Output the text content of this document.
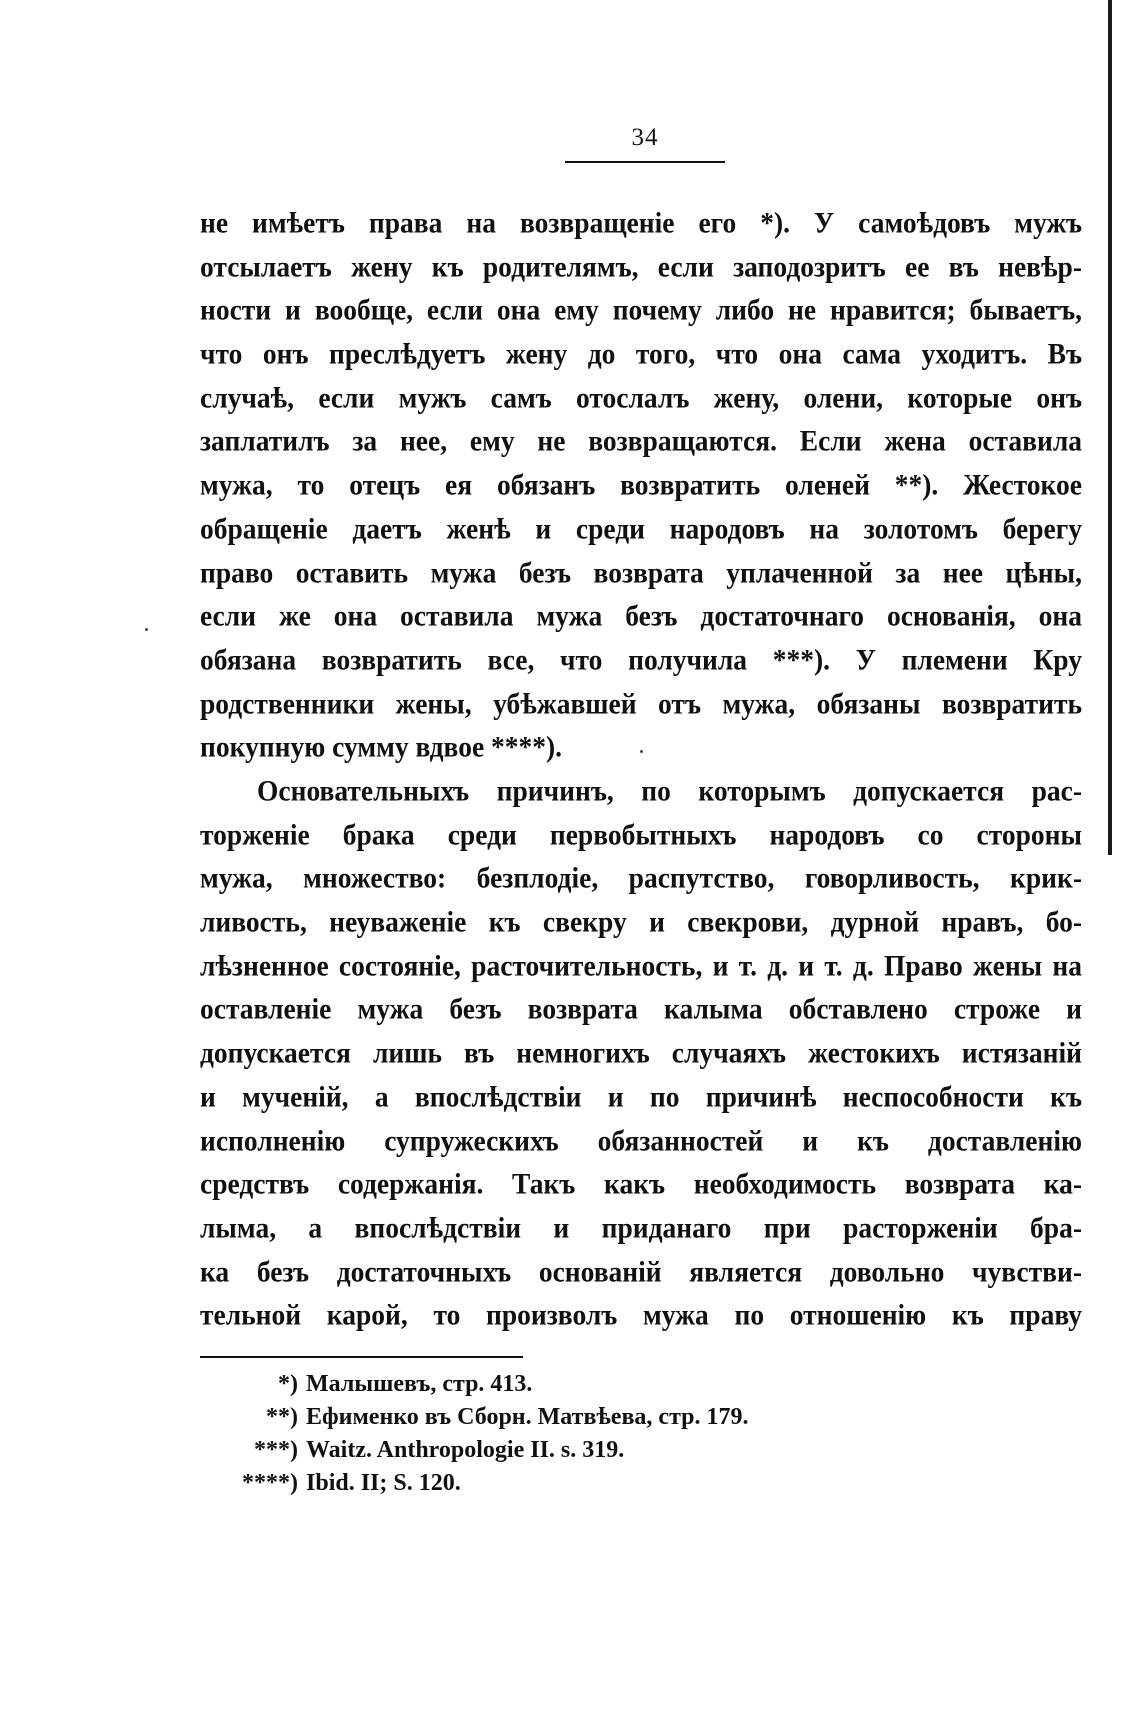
34
не имѣетъ права на возвращеніе его *). У самоѣдовъ мужъ
отсылаетъ жену къ родителямъ, если заподозритъ ее въ невѣр-
ности и вообще, если она ему почему либо не нравится; бываетъ,
что онъ преслѣдуетъ жену до того, что она сама уходитъ. Въ
случаѣ, если мужъ самъ отослалъ жену, олени, которые онъ
заплатилъ за нее, ему не возвращаются. Если жена оставила
мужа, то отецъ ея обязанъ возвратить оленей **). Жестокое
обращеніе даетъ женѣ и среди народовъ на золотомъ берегу
право оставить мужа безъ возврата уплаченной за нее цѣны,
если же она оставила мужа безъ достаточнаго основанія, она
обязана возвратить все, что получила ***). У племени Кру
родственники жены, убѣжавшей отъ мужа, обязаны возвратить
покупную сумму вдвое ****).
Основательныхъ причинъ, по которымъ допускается рас-
торженіе брака среди первобытныхъ народовъ со стороны
мужа, множество: безплодіе, распутство, говорливость, крик-
ливость, неуваженіе къ свекру и свекрови, дурной нравъ, бо-
лѣзненное состояніе, расточительность, и т. д. и т. д. Право жены на
оставленіе мужа безъ возврата калыма обставлено строже и
допускается лишь въ немногихъ случаяхъ жестокихъ истязаній
и мученій, а впослѣдствіи и по причинѣ неспособности къ
исполненію супружескихъ обязанностей и къ доставленію
средствъ содержанія. Такъ какъ необходимость возврата ка-
лыма, а впослѣдствіи и приданаго при расторженіи бра-
ка безъ достаточныхъ основаній является довольно чувстви-
тельной карой, то произволъ мужа по отношенію къ праву
*) Малышевъ, стр. 413.
**) Ефименко въ Сборн. Матвѣева, стр. 179.
***) Waitz. Anthropologie II. s. 319.
****) Ibid. II; S. 120.
